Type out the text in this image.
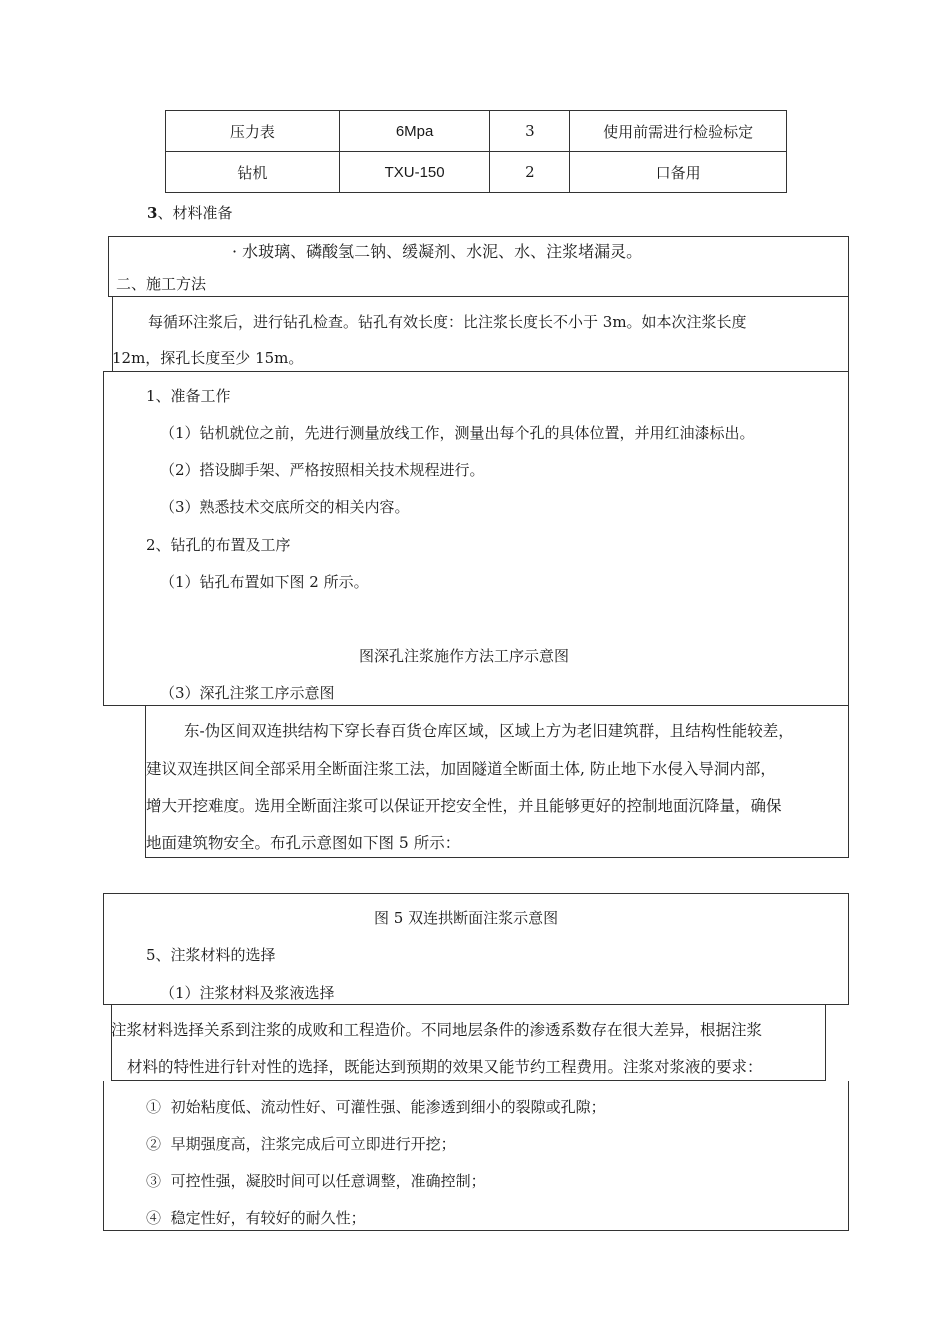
压力表	6Mpa	3	使用前需进行检验标定
钻机	TXU-150	2	口备用
3、材料准备
· 水玻璃、磷酸氢二钠、缓凝剂、水泥、水、注浆堵漏灵。
二、施工方法
每循环注浆后，进行钻孔检查。钻孔有效长度：比注浆长度长不小于 3m。如本次注浆长度
12m，探孔长度至少 15m。
1、准备工作
（1）钻机就位之前，先进行测量放线工作，测量出每个孔的具体位置，并用红油漆标出。
（2）搭设脚手架、严格按照相关技术规程进行。
（3）熟悉技术交底所交的相关内容。
2、钻孔的布置及工序
（1）钻孔布置如下图 2 所示。
图深孔注浆施作方法工序示意图
（3）深孔注浆工序示意图
东-伪区间双连拱结构下穿长春百货仓库区域，区域上方为老旧建筑群，且结构性能较差，
建议双连拱区间全部采用全断面注浆工法，加固隧道全断面土体, 防止地下水侵入导洞内部，
增大开挖难度。选用全断面注浆可以保证开挖安全性，并且能够更好的控制地面沉降量，确保
地面建筑物安全。布孔示意图如下图 5 所示：
图 5 双连拱断面注浆示意图
5、注浆材料的选择
（1）注浆材料及浆液选择
注浆材料选择关系到注浆的成败和工程造价。不同地层条件的渗透系数存在很大差异，根据注浆
材料的特性进行针对性的选择，既能达到预期的效果又能节约工程费用。注浆对浆液的要求：
① 初始粘度低、流动性好、可灌性强、能渗透到细小的裂隙或孔隙；
② 早期强度高，注浆完成后可立即进行开挖；
③ 可控性强，凝胶时间可以任意调整，准确控制；
④ 稳定性好，有较好的耐久性；
